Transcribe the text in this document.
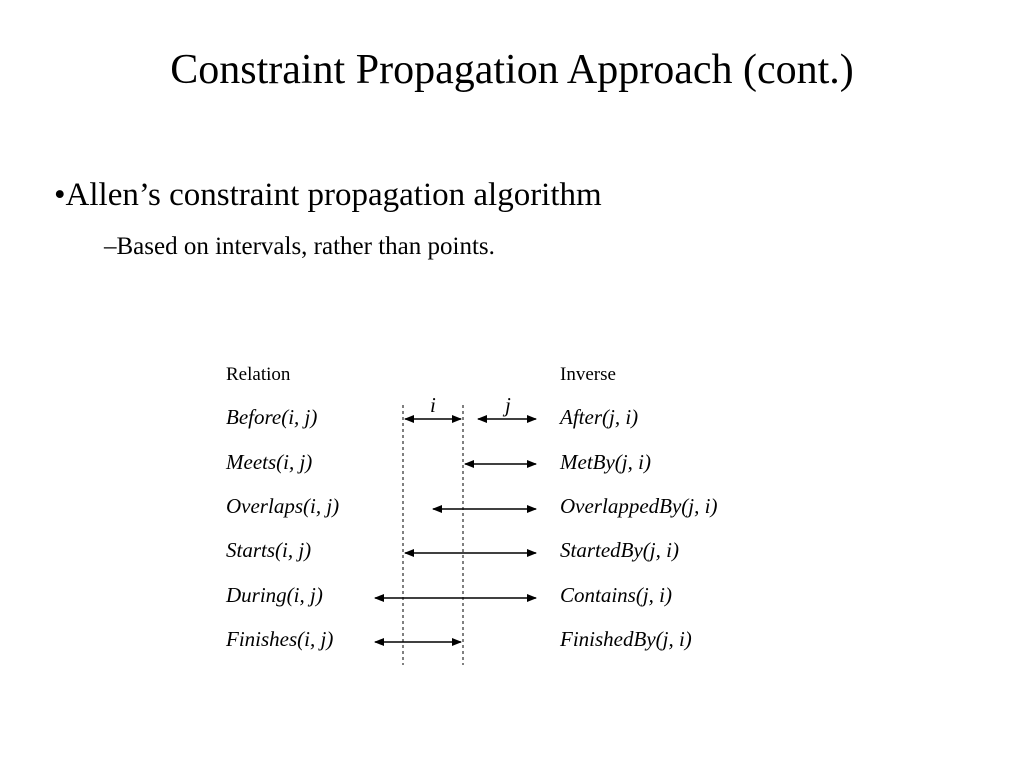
Constraint Propagation Approach (cont.)
•Allen’s constraint propagation algorithm
–Based on intervals, rather than points.
Relation	Inverse
i	j
Before(i, j)	After(j, i)
Meets(i, j)	MetBy(j, i)
Overlaps(i, j)	OverlappedBy(j, i)
Starts(i, j)	StartedBy(j, i)
During(i, j)	Contains(j, i)
Finishes(i, j)	FinishedBy(j, i)
